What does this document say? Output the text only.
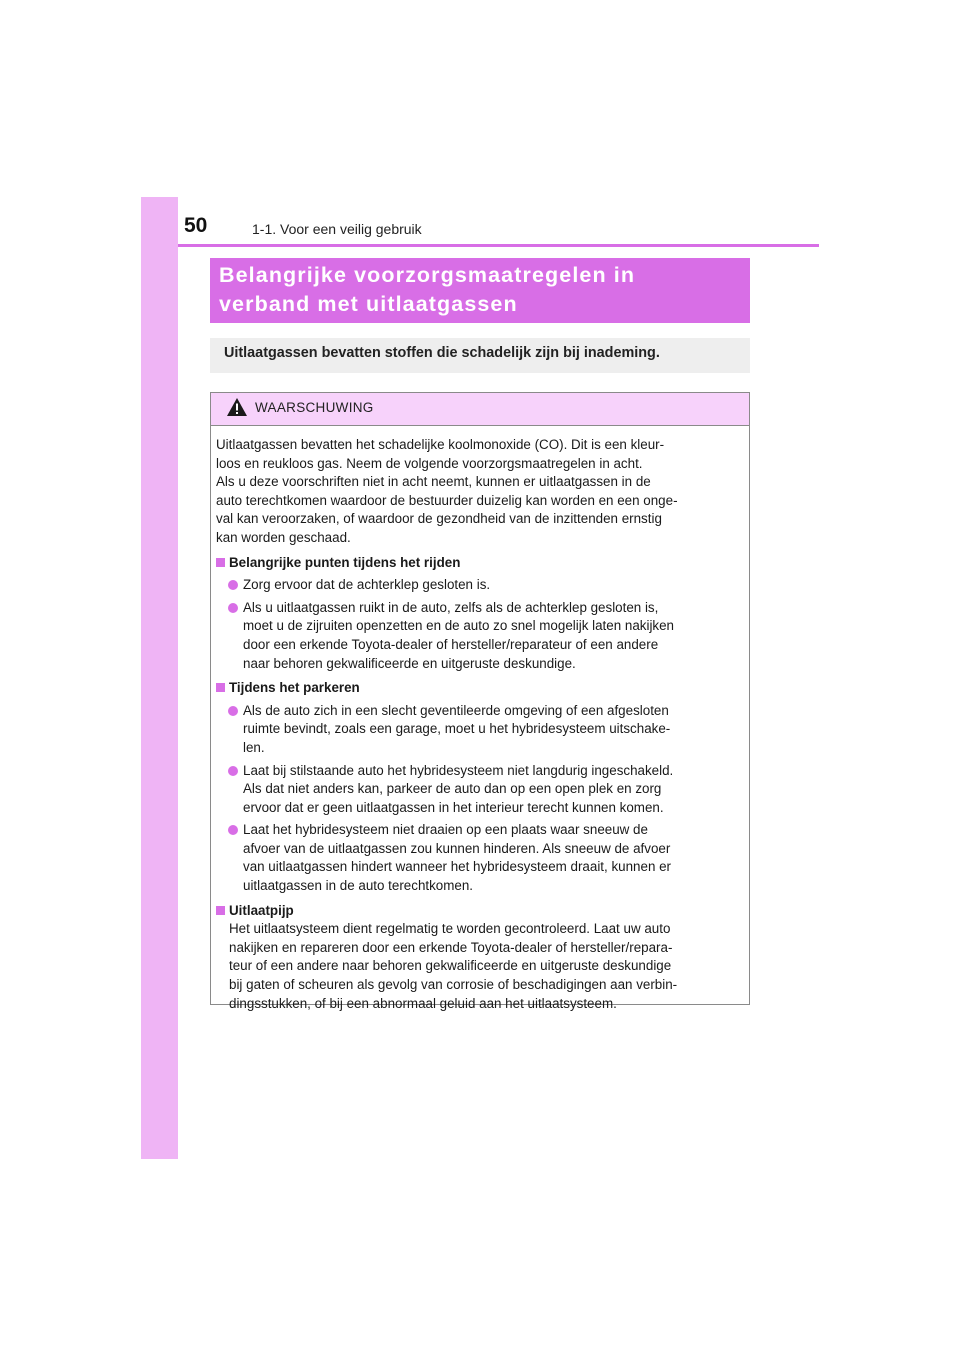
50	1-1. Voor een veilig gebruik
Belangrijke voorzorgsmaatregelen in
verband met uitlaatgassen
Uitlaatgassen bevatten stoffen die schadelijk zijn bij inademing.
WAARSCHUWING
Uitlaatgassen bevatten het schadelijke koolmonoxide (CO). Dit is een kleur-
loos en reukloos gas. Neem de volgende voorzorgsmaatregelen in acht.
Als u deze voorschriften niet in acht neemt, kunnen er uitlaatgassen in de
auto terechtkomen waardoor de bestuurder duizelig kan worden en een onge-
val kan veroorzaken, of waardoor de gezondheid van de inzittenden ernstig
kan worden geschaad.
Belangrijke punten tijdens het rijden
Zorg ervoor dat de achterklep gesloten is.
Als u uitlaatgassen ruikt in de auto, zelfs als de achterklep gesloten is,
moet u de zijruiten openzetten en de auto zo snel mogelijk laten nakijken
door een erkende Toyota-dealer of hersteller/reparateur of een andere
naar behoren gekwalificeerde en uitgeruste deskundige.
Tijdens het parkeren
Als de auto zich in een slecht geventileerde omgeving of een afgesloten
ruimte bevindt, zoals een garage, moet u het hybridesysteem uitschake-
len.
Laat bij stilstaande auto het hybridesysteem niet langdurig ingeschakeld.
Als dat niet anders kan, parkeer de auto dan op een open plek en zorg
ervoor dat er geen uitlaatgassen in het interieur terecht kunnen komen.
Laat het hybridesysteem niet draaien op een plaats waar sneeuw de
afvoer van de uitlaatgassen zou kunnen hinderen. Als sneeuw de afvoer
van uitlaatgassen hindert wanneer het hybridesysteem draait, kunnen er
uitlaatgassen in de auto terechtkomen.
Uitlaatpijp
Het uitlaatsysteem dient regelmatig te worden gecontroleerd. Laat uw auto
nakijken en repareren door een erkende Toyota-dealer of hersteller/repara-
teur of een andere naar behoren gekwalificeerde en uitgeruste deskundige
bij gaten of scheuren als gevolg van corrosie of beschadigingen aan verbin-
dingsstukken, of bij een abnormaal geluid aan het uitlaatsysteem.
